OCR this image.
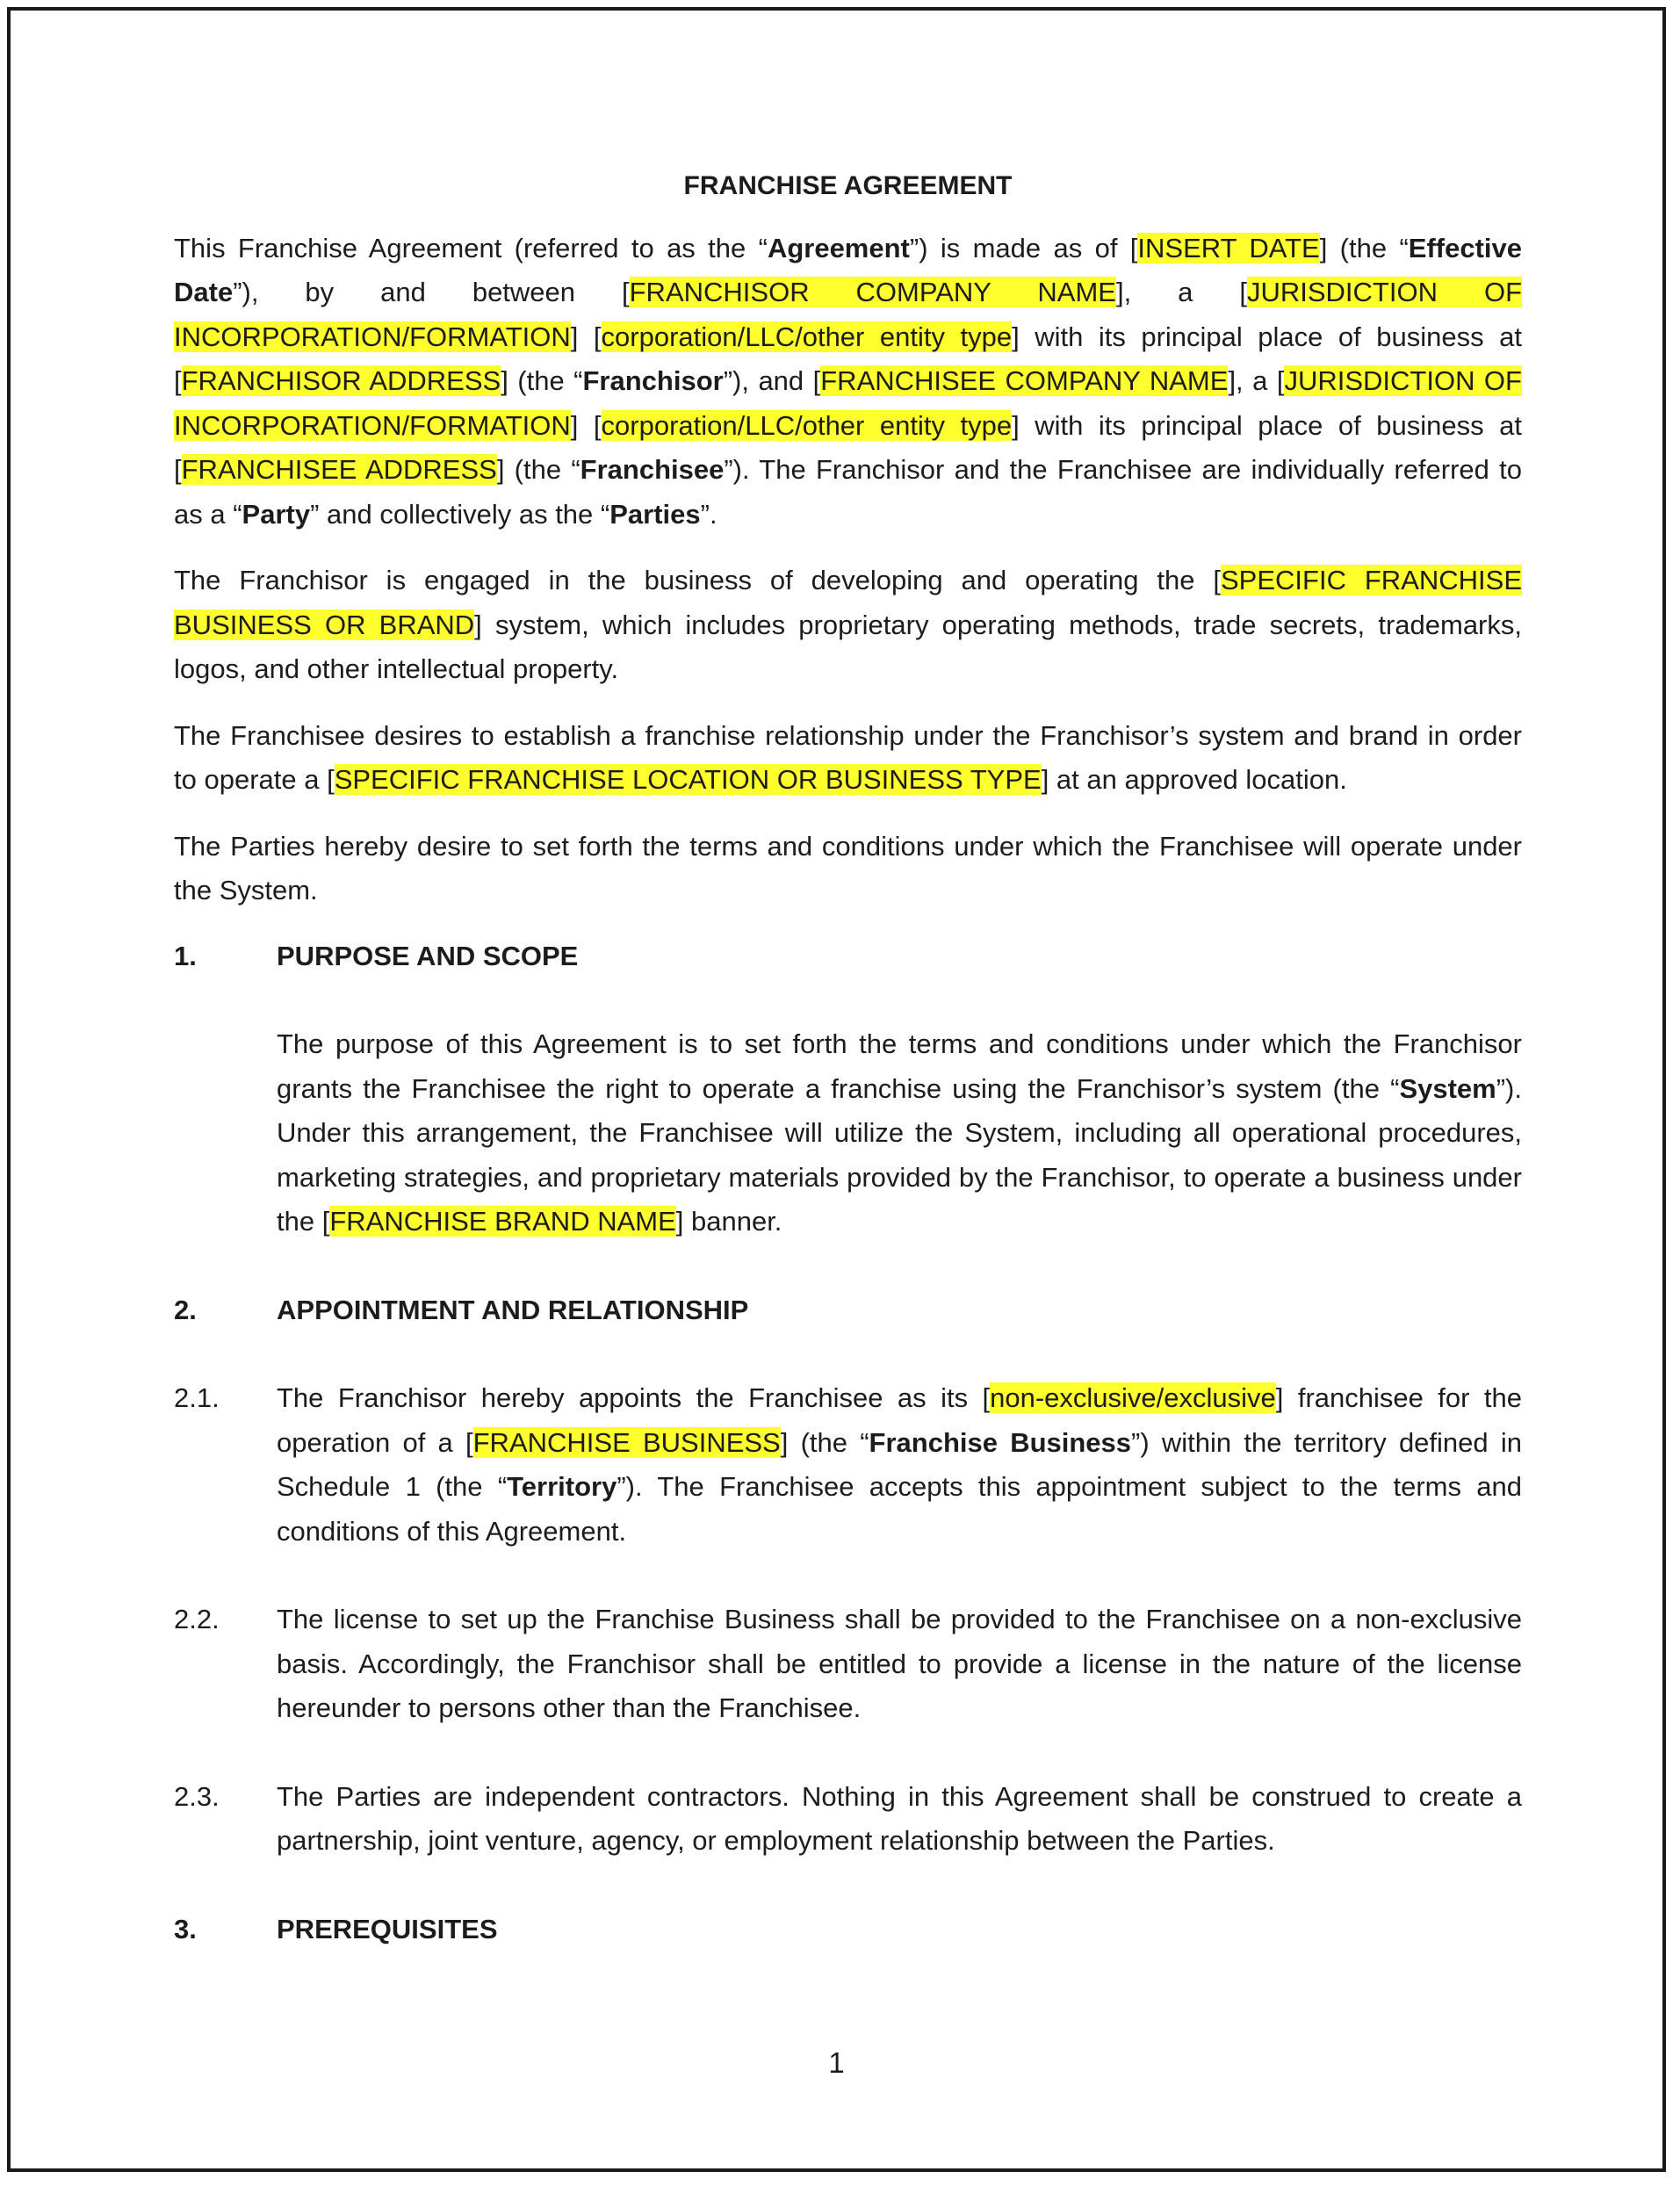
FRANCHISE AGREEMENT

This Franchise Agreement (referred to as the “Agreement”) is made as of [INSERT DATE] (the “Effective Date”), by and between [FRANCHISOR COMPANY NAME], a [JURISDICTION OF INCORPORATION/FORMATION] [corporation/LLC/other entity type] with its principal place of business at [FRANCHISOR ADDRESS] (the “Franchisor”), and [FRANCHISEE COMPANY NAME], a [JURISDICTION OF INCORPORATION/FORMATION] [corporation/LLC/other entity type] with its principal place of business at [FRANCHISEE ADDRESS] (the “Franchisee”). The Franchisor and the Franchisee are individually referred to as a “Party” and collectively as the “Parties”.

The Franchisor is engaged in the business of developing and operating the [SPECIFIC FRANCHISE BUSINESS OR BRAND] system, which includes proprietary operating methods, trade secrets, trademarks, logos, and other intellectual property.

The Franchisee desires to establish a franchise relationship under the Franchisor’s system and brand in order to operate a [SPECIFIC FRANCHISE LOCATION OR BUSINESS TYPE] at an approved location.

The Parties hereby desire to set forth the terms and conditions under which the Franchisee will operate under the System.

1.	PURPOSE AND SCOPE

The purpose of this Agreement is to set forth the terms and conditions under which the Franchisor grants the Franchisee the right to operate a franchise using the Franchisor’s system (the “System”). Under this arrangement, the Franchisee will utilize the System, including all operational procedures, marketing strategies, and proprietary materials provided by the Franchisor, to operate a business under the [FRANCHISE BRAND NAME] banner.

2.	APPOINTMENT AND RELATIONSHIP
2.1.	The Franchisor hereby appoints the Franchisee as its [non-exclusive/exclusive] franchisee for the operation of a [FRANCHISE BUSINESS] (the “Franchise Business”) within the territory defined in Schedule 1 (the “Territory”). The Franchisee accepts this appointment subject to the terms and conditions of this Agreement.
2.2.	The license to set up the Franchise Business shall be provided to the Franchisee on a non-exclusive basis. Accordingly, the Franchisor shall be entitled to provide a license in the nature of the license hereunder to persons other than the Franchisee.
2.3.	The Parties are independent contractors. Nothing in this Agreement shall be construed to create a partnership, joint venture, agency, or employment relationship between the Parties.
3.	PREREQUISITES
1
